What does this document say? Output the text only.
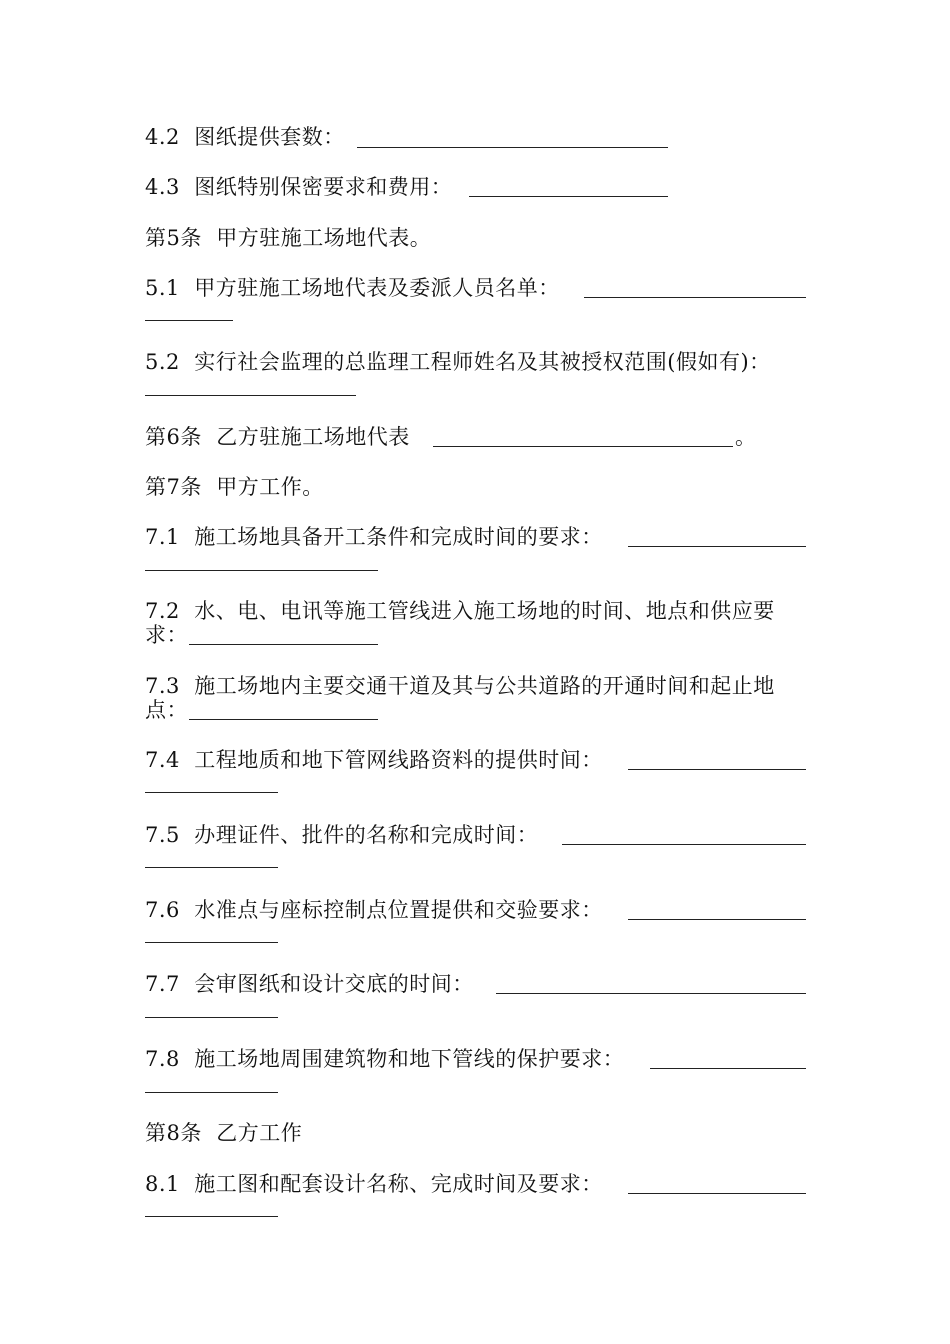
4.2  图纸提供套数：
4.3  图纸特别保密要求和费用：
第5条  甲方驻施工场地代表。
5.1  甲方驻施工场地代表及委派人员名单：
5.2  实行社会监理的总监理工程师姓名及其被授权范围(假如有)：
第6条  乙方驻施工场地代表	。
第7条  甲方工作。
7.1  施工场地具备开工条件和完成时间的要求：
7.2  水、电、电讯等施工管线进入施工场地的时间、地点和供应要
求：
7.3  施工场地内主要交通干道及其与公共道路的开通时间和起止地
点：
7.4  工程地质和地下管网线路资料的提供时间：
7.5  办理证件、批件的名称和完成时间：
7.6  水准点与座标控制点位置提供和交验要求：
7.7  会审图纸和设计交底的时间：
7.8  施工场地周围建筑物和地下管线的保护要求：
第8条  乙方工作
8.1  施工图和配套设计名称、完成时间及要求：
